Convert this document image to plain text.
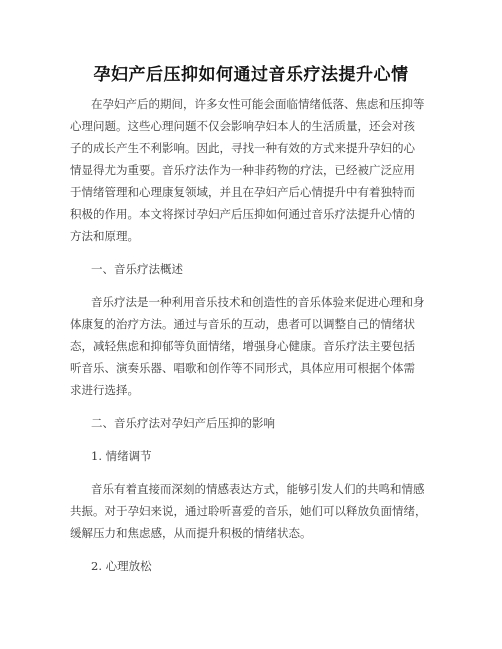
孕妇产后压抑如何通过音乐疗法提升心情
在孕妇产后的期间，许多女性可能会面临情绪低落、焦虑和压抑等
心理问题。这些心理问题不仅会影响孕妇本人的生活质量，还会对孩
子的成长产生不利影响。因此，寻找一种有效的方式来提升孕妇的心
情显得尤为重要。音乐疗法作为一种非药物的疗法，已经被广泛应用
于情绪管理和心理康复领域，并且在孕妇产后心情提升中有着独特而
积极的作用。本文将探讨孕妇产后压抑如何通过音乐疗法提升心情的
方法和原理。
一、音乐疗法概述
音乐疗法是一种利用音乐技术和创造性的音乐体验来促进心理和身
体康复的治疗方法。通过与音乐的互动，患者可以调整自己的情绪状
态，减轻焦虑和抑郁等负面情绪，增强身心健康。音乐疗法主要包括
听音乐、演奏乐器、唱歌和创作等不同形式，具体应用可根据个体需
求进行选择。
二、音乐疗法对孕妇产后压抑的影响
1. 情绪调节
音乐有着直接而深刻的情感表达方式，能够引发人们的共鸣和情感
共振。对于孕妇来说，通过聆听喜爱的音乐，她们可以释放负面情绪，
缓解压力和焦虑感，从而提升积极的情绪状态。
2. 心理放松
